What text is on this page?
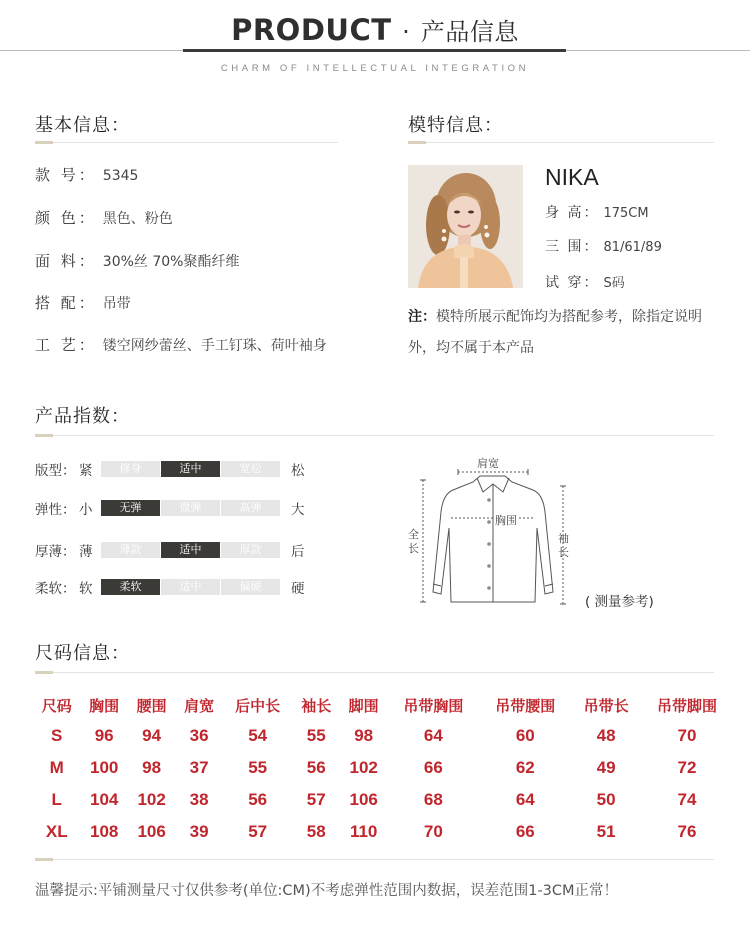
PRODUCT · 产品信息
CHARM OF INTELLECTUAL INTEGRATION
基本信息：
款 号： 5345
颜 色： 黑色、粉色
面 料： 30%丝 70%聚酯纤维
搭 配： 吊带
工 艺： 镂空网纱蕾丝、手工钉珠、荷叶袖身
模特信息：
NIKA
身 高： 175CM
三 围： 81/61/89
试 穿： S码
注：模特所展示配饰均为搭配参考，除指定说明外，均不属于本产品
产品指数：
版型： 紧	修身	适中	宽松	松
弹性： 小	无弹	微弹	高弹	大
厚薄： 薄	薄款	适中	厚款	后
柔软： 软	柔软	适中	偏硬	硬
肩宽
胸围
全长
袖长
( 测量参考)
尺码信息：
尺码	胸围	腰围	肩宽	后中长	袖长	脚围	吊带胸围	吊带腰围	吊带长	吊带脚围
S	96	94	36	54	55	98	64	60	48	70
M	100	98	37	55	56	102	66	62	49	72
L	104	102	38	56	57	106	68	64	50	74
XL	108	106	39	57	58	110	70	66	51	76
温馨提示:平铺测量尺寸仅供参考(单位:CM)不考虑弹性范围内数据，误差范围1-3CM正常！
